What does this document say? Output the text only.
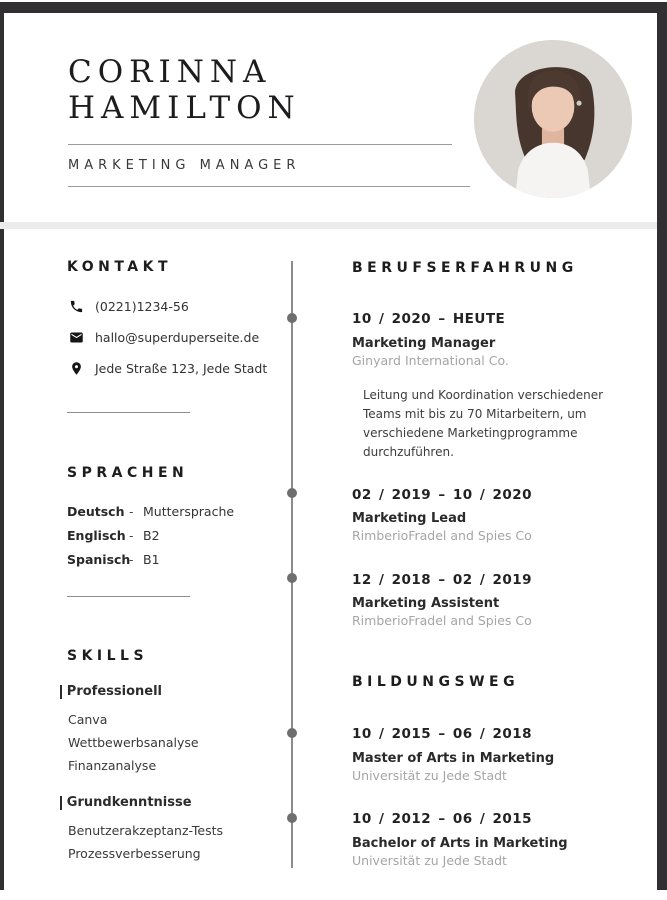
CORINNA
HAMILTON
MARKETING MANAGER
KONTAKT
(0221)1234-56
hallo@superduperseite.de
Jede Straße 123, Jede Stadt
SPRACHEN
Deutsch - Muttersprache
Englisch - B2
Spanisch
- B1
SKILLS
Professionell
Canva
Wettbewerbsanalyse
Finanzanalyse
Grundkenntnisse
Benutzerakzeptanz-Tests
Prozessverbesserung
BERUFSERFAHRUNG
10 / 2020 – HEUTE
Marketing Manager
Ginyard International Co.
Leitung und Koordination verschiedener Teams mit bis zu 70 Mitarbeitern, um verschiedene Marketingprogramme durchzuführen.
02 / 2019 – 10 / 2020
Marketing Lead
RimberioFradel and Spies Co
12 / 2018 – 02 / 2019
Marketing Assistent
RimberioFradel and Spies Co
BILDUNGSWEG
10 / 2015 – 06 / 2018
Master of Arts in Marketing
Universität zu Jede Stadt
10 / 2012 – 06 / 2015
Bachelor of Arts in Marketing
Universität zu Jede Stadt
